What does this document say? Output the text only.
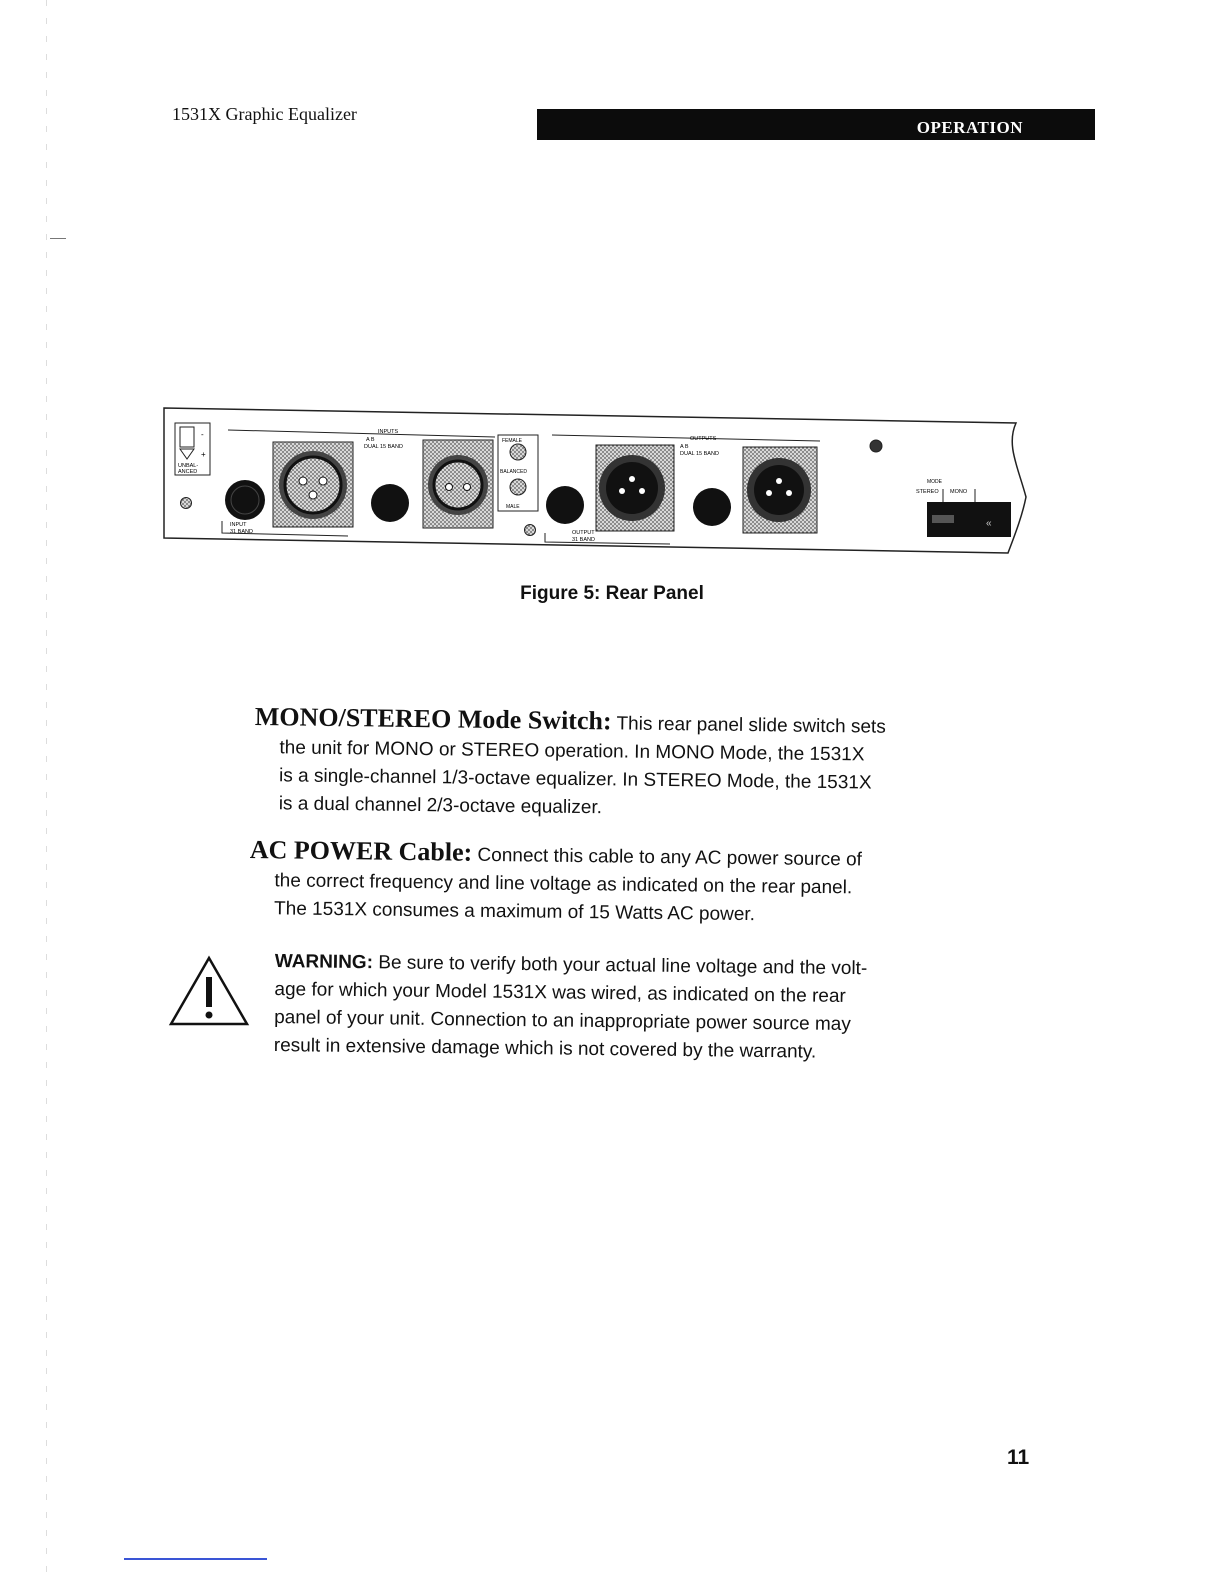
1531X Graphic Equalizer
OPERATION
-
+
UNBAL-
ANCED
INPUTS
A B
DUAL 15 BAND
FEMALE
BALANCED
MALE
INPUT
31 BAND
OUTPUTS
A B
DUAL 15 BAND
OUTPUT
31 BAND
MODE
STEREO MONO
«
Figure 5: Rear Panel
MONO/STEREO Mode Switch: This rear panel slide switch sets
the unit for MONO or STEREO operation. In MONO Mode, the 1531X
is a single-channel 1/3-octave equalizer. In STEREO Mode, the 1531X
is a dual channel 2/3-octave equalizer.
AC POWER Cable: Connect this cable to any AC power source of
the correct frequency and line voltage as indicated on the rear panel.
The 1531X consumes a maximum of 15 Watts AC power.
WARNING: Be sure to verify both your actual line voltage and the volt-
age for which your Model 1531X was wired, as indicated on the rear
panel of your unit. Connection to an inappropriate power source may
result in extensive damage which is not covered by the warranty.
11
